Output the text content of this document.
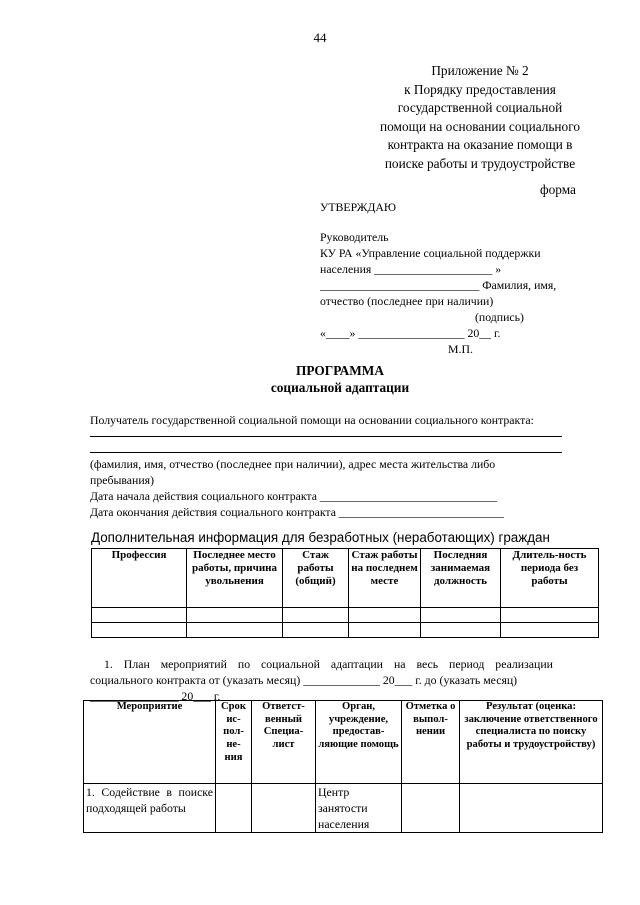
44
Приложение № 2
к Порядку предоставления
государственной социальной
помощи на основании социального
контракта на оказание помощи в
поиске работы и трудоустройстве
форма
УТВЕРЖДАЮ
Руководитель
КУ РА «Управление социальной поддержки
населения ____________________ »
___________________________ Фамилия, имя,
отчество (последнее при наличии)
(подпись)
«____» __________________ 20__ г.
М.П.
ПРОГРАММА
социальной адаптации
Получатель государственной социальной помощи на основании социального контракта:
(фамилия, имя, отчество (последнее при наличии), адрес места жительства либо
пребывания)
Дата начала действия социального контракта ______________________________
Дата окончания действия социального контракта ____________________________
Дополнительная информация для безработных (неработающих) граждан
Профессия	Последнее место работы, причина увольнения	Стаж работы (общий)	Стаж работы на последнем месте	Последняя занимаемая должность	Длитель-ность периода без работы

1. План мероприятий по социальной адаптации на весь период реализации
социального контракта от (указать месяц) _____________ 20___ г. до (указать месяц)
_______________ 20___ г.
Мероприятие	Срок ис-пол-не-ния	Ответст-венный Специа-лист	Орган, учреждение, предостав-ляющие помощь	Отметка о выпол-нении	Результат (оценка: заключение ответственного специалиста по поиску работы и трудоустройству)
1. Содействие в поиске подходящей работы			Центр занятости населения		
